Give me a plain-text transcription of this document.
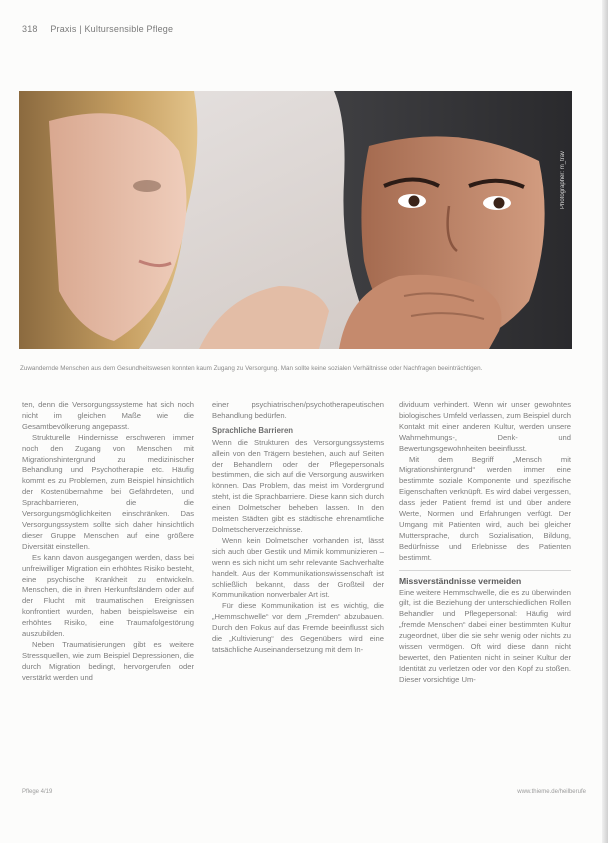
318 Praxis | Kultursensible Pflege
Photographer: m_trav
Zuwandernde Menschen aus dem Gesundheitswesen konnten kaum Zugang zu Versorgung. Man sollte keine sozialen Verhältnisse oder Nachfragen beeinträchtigen.

ten, denn die Versorgungssysteme hat sich noch nicht im gleichen Maße wie die Gesamtbevölkerung angepasst.

Strukturelle Hindernisse erschweren immer noch den Zugang von Menschen mit Migrationshintergrund zu medizinischer Behandlung und Psychotherapie etc. Häufig kommt es zu Problemen, zum Beispiel hinsichtlich der Kostenübernahme bei Gefährdeten, und Sprachbarrieren, die die Versorgungsmöglichkeiten einschränken. Das Versorgungssystem sollte sich daher hinsichtlich dieser Gruppe Menschen auf eine größere Diversität einstellen.

Es kann davon ausgegangen werden, dass bei unfreiwilliger Migration ein erhöhtes Risiko besteht, eine psychische Krankheit zu entwickeln. Menschen, die in ihren Herkunftsländern oder auf der Flucht mit traumatischen Ereignissen konfrontiert wurden, haben beispielsweise ein erhöhtes Risiko, eine Traumafolgestörung auszubilden.

Neben Traumatisierungen gibt es weitere Stressquellen, wie zum Beispiel Depressionen, die durch Migration bedingt, hervorgerufen oder verstärkt werden und

einer psychiatrischen/psychotherapeutischen Behandlung bedürfen.

Sprachliche Barrieren

Wenn die Strukturen des Versorgungssystems allein von den Trägern bestehen, auch auf Seiten der Behandlern oder der Pflegepersonals bestimmen, die sich auf die Versorgung auswirken können. Das Problem, das meist im Vordergrund steht, ist die Sprachbarriere. Diese kann sich durch einen Dolmetscher beheben lassen. In den meisten Städten gibt es städtische ehrenamtliche Dolmetscherverzeichnisse.

Wenn kein Dolmetscher vorhanden ist, lässt sich auch über Gestik und Mimik kommunizieren – wenn es sich nicht um sehr relevante Sachverhalte handelt. Aus der Kommunikationswissenschaft ist schließlich bekannt, dass der Großteil der Kommunikation nonverbaler Art ist.

Für diese Kommunikation ist es wichtig, die „Hemmschwelle“ vor dem „Fremden“ abzubauen. Durch den Fokus auf das Fremde beeinflusst sich die „Kultivierung“ des Gegenübers wird eine tatsächliche Auseinandersetzung mit dem In-

dividuum verhindert. Wenn wir unser gewohntes biologisches Umfeld verlassen, zum Beispiel durch Kontakt mit einer anderen Kultur, werden unsere Wahrnehmungs-, Denk- und Bewertungsgewohnheiten beeinflusst.

Mit dem Begriff „Mensch mit Migrationshintergrund“ werden immer eine bestimmte soziale Komponente und spezifische Eigenschaften verknüpft. Es wird dabei vergessen, dass jeder Patient fremd ist und über andere Werte, Normen und Erfahrungen verfügt. Der Umgang mit Patienten wird, auch bei gleicher Muttersprache, durch Sozialisation, Bildung, Bedürfnisse und Erlebnisse des Patienten bestimmt.

Missverständnisse vermeiden

Eine weitere Hemmschwelle, die es zu überwinden gilt, ist die Beziehung der unterschiedlichen Rollen Behandler und Pflegepersonal: Häufig wird „fremde Menschen“ dabei einer bestimmten Kultur zugeordnet, über die sie sehr wenig oder nichts zu wissen vermögen. Oft wird diese dann nicht bewertet, den Patienten nicht in seiner Kultur der Identität zu verletzen oder vor den Kopf zu stoßen. Dieser vorsichtige Um-

Pflege 4/19	www.thieme.de/heilberufe
